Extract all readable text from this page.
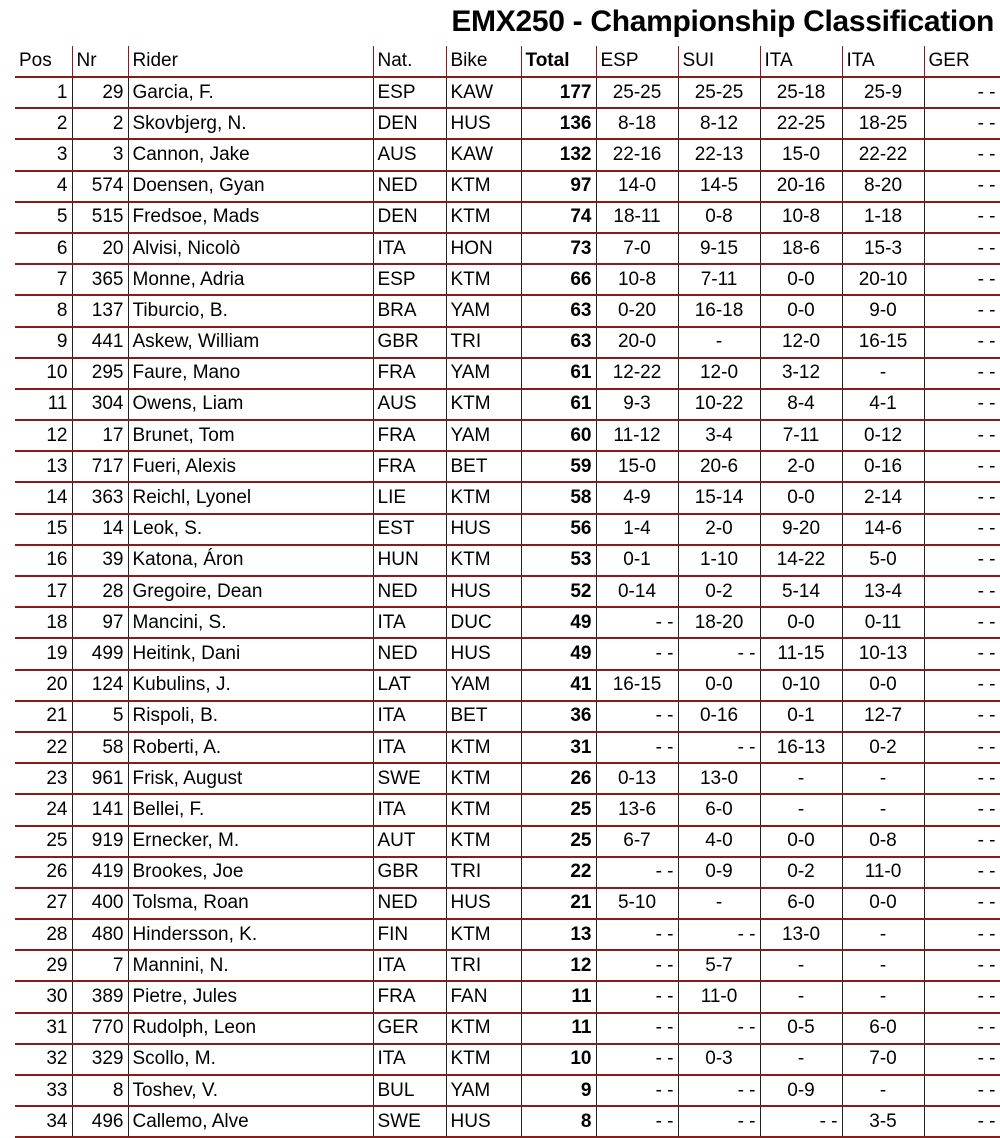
EMX250 - Championship Classification
Pos	Nr	Rider	Nat.	Bike	Total	ESP	SUI	ITA	ITA	GER
1	29	Garcia, F.	ESP	KAW	177	25-25	25-25	25-18	25-9	- -
2	2	Skovbjerg, N.	DEN	HUS	136	8-18	8-12	22-25	18-25	- -
3	3	Cannon, Jake	AUS	KAW	132	22-16	22-13	15-0	22-22	- -
4	574	Doensen, Gyan	NED	KTM	97	14-0	14-5	20-16	8-20	- -
5	515	Fredsoe, Mads	DEN	KTM	74	18-11	0-8	10-8	1-18	- -
6	20	Alvisi, Nicolò	ITA	HON	73	7-0	9-15	18-6	15-3	- -
7	365	Monne, Adria	ESP	KTM	66	10-8	7-11	0-0	20-10	- -
8	137	Tiburcio, B.	BRA	YAM	63	0-20	16-18	0-0	9-0	- -
9	441	Askew, William	GBR	TRI	63	20-0	-	12-0	16-15	- -
10	295	Faure, Mano	FRA	YAM	61	12-22	12-0	3-12	-	- -
11	304	Owens, Liam	AUS	KTM	61	9-3	10-22	8-4	4-1	- -
12	17	Brunet, Tom	FRA	YAM	60	11-12	3-4	7-11	0-12	- -
13	717	Fueri, Alexis	FRA	BET	59	15-0	20-6	2-0	0-16	- -
14	363	Reichl, Lyonel	LIE	KTM	58	4-9	15-14	0-0	2-14	- -
15	14	Leok, S.	EST	HUS	56	1-4	2-0	9-20	14-6	- -
16	39	Katona, Áron	HUN	KTM	53	0-1	1-10	14-22	5-0	- -
17	28	Gregoire, Dean	NED	HUS	52	0-14	0-2	5-14	13-4	- -
18	97	Mancini, S.	ITA	DUC	49	- -	18-20	0-0	0-11	- -
19	499	Heitink, Dani	NED	HUS	49	- -	- -	11-15	10-13	- -
20	124	Kubulins, J.	LAT	YAM	41	16-15	0-0	0-10	0-0	- -
21	5	Rispoli, B.	ITA	BET	36	- -	0-16	0-1	12-7	- -
22	58	Roberti, A.	ITA	KTM	31	- -	- -	16-13	0-2	- -
23	961	Frisk, August	SWE	KTM	26	0-13	13-0	-	-	- -
24	141	Bellei, F.	ITA	KTM	25	13-6	6-0	-	-	- -
25	919	Ernecker, M.	AUT	KTM	25	6-7	4-0	0-0	0-8	- -
26	419	Brookes, Joe	GBR	TRI	22	- -	0-9	0-2	11-0	- -
27	400	Tolsma, Roan	NED	HUS	21	5-10	-	6-0	0-0	- -
28	480	Hindersson, K.	FIN	KTM	13	- -	- -	13-0	-	- -
29	7	Mannini, N.	ITA	TRI	12	- -	5-7	-	-	- -
30	389	Pietre, Jules	FRA	FAN	11	- -	11-0	-	-	- -
31	770	Rudolph, Leon	GER	KTM	11	- -	- -	0-5	6-0	- -
32	329	Scollo, M.	ITA	KTM	10	- -	0-3	-	7-0	- -
33	8	Toshev, V.	BUL	YAM	9	- -	- -	0-9	-	- -
34	496	Callemo, Alve	SWE	HUS	8	- -	- -	- -	3-5	- -
